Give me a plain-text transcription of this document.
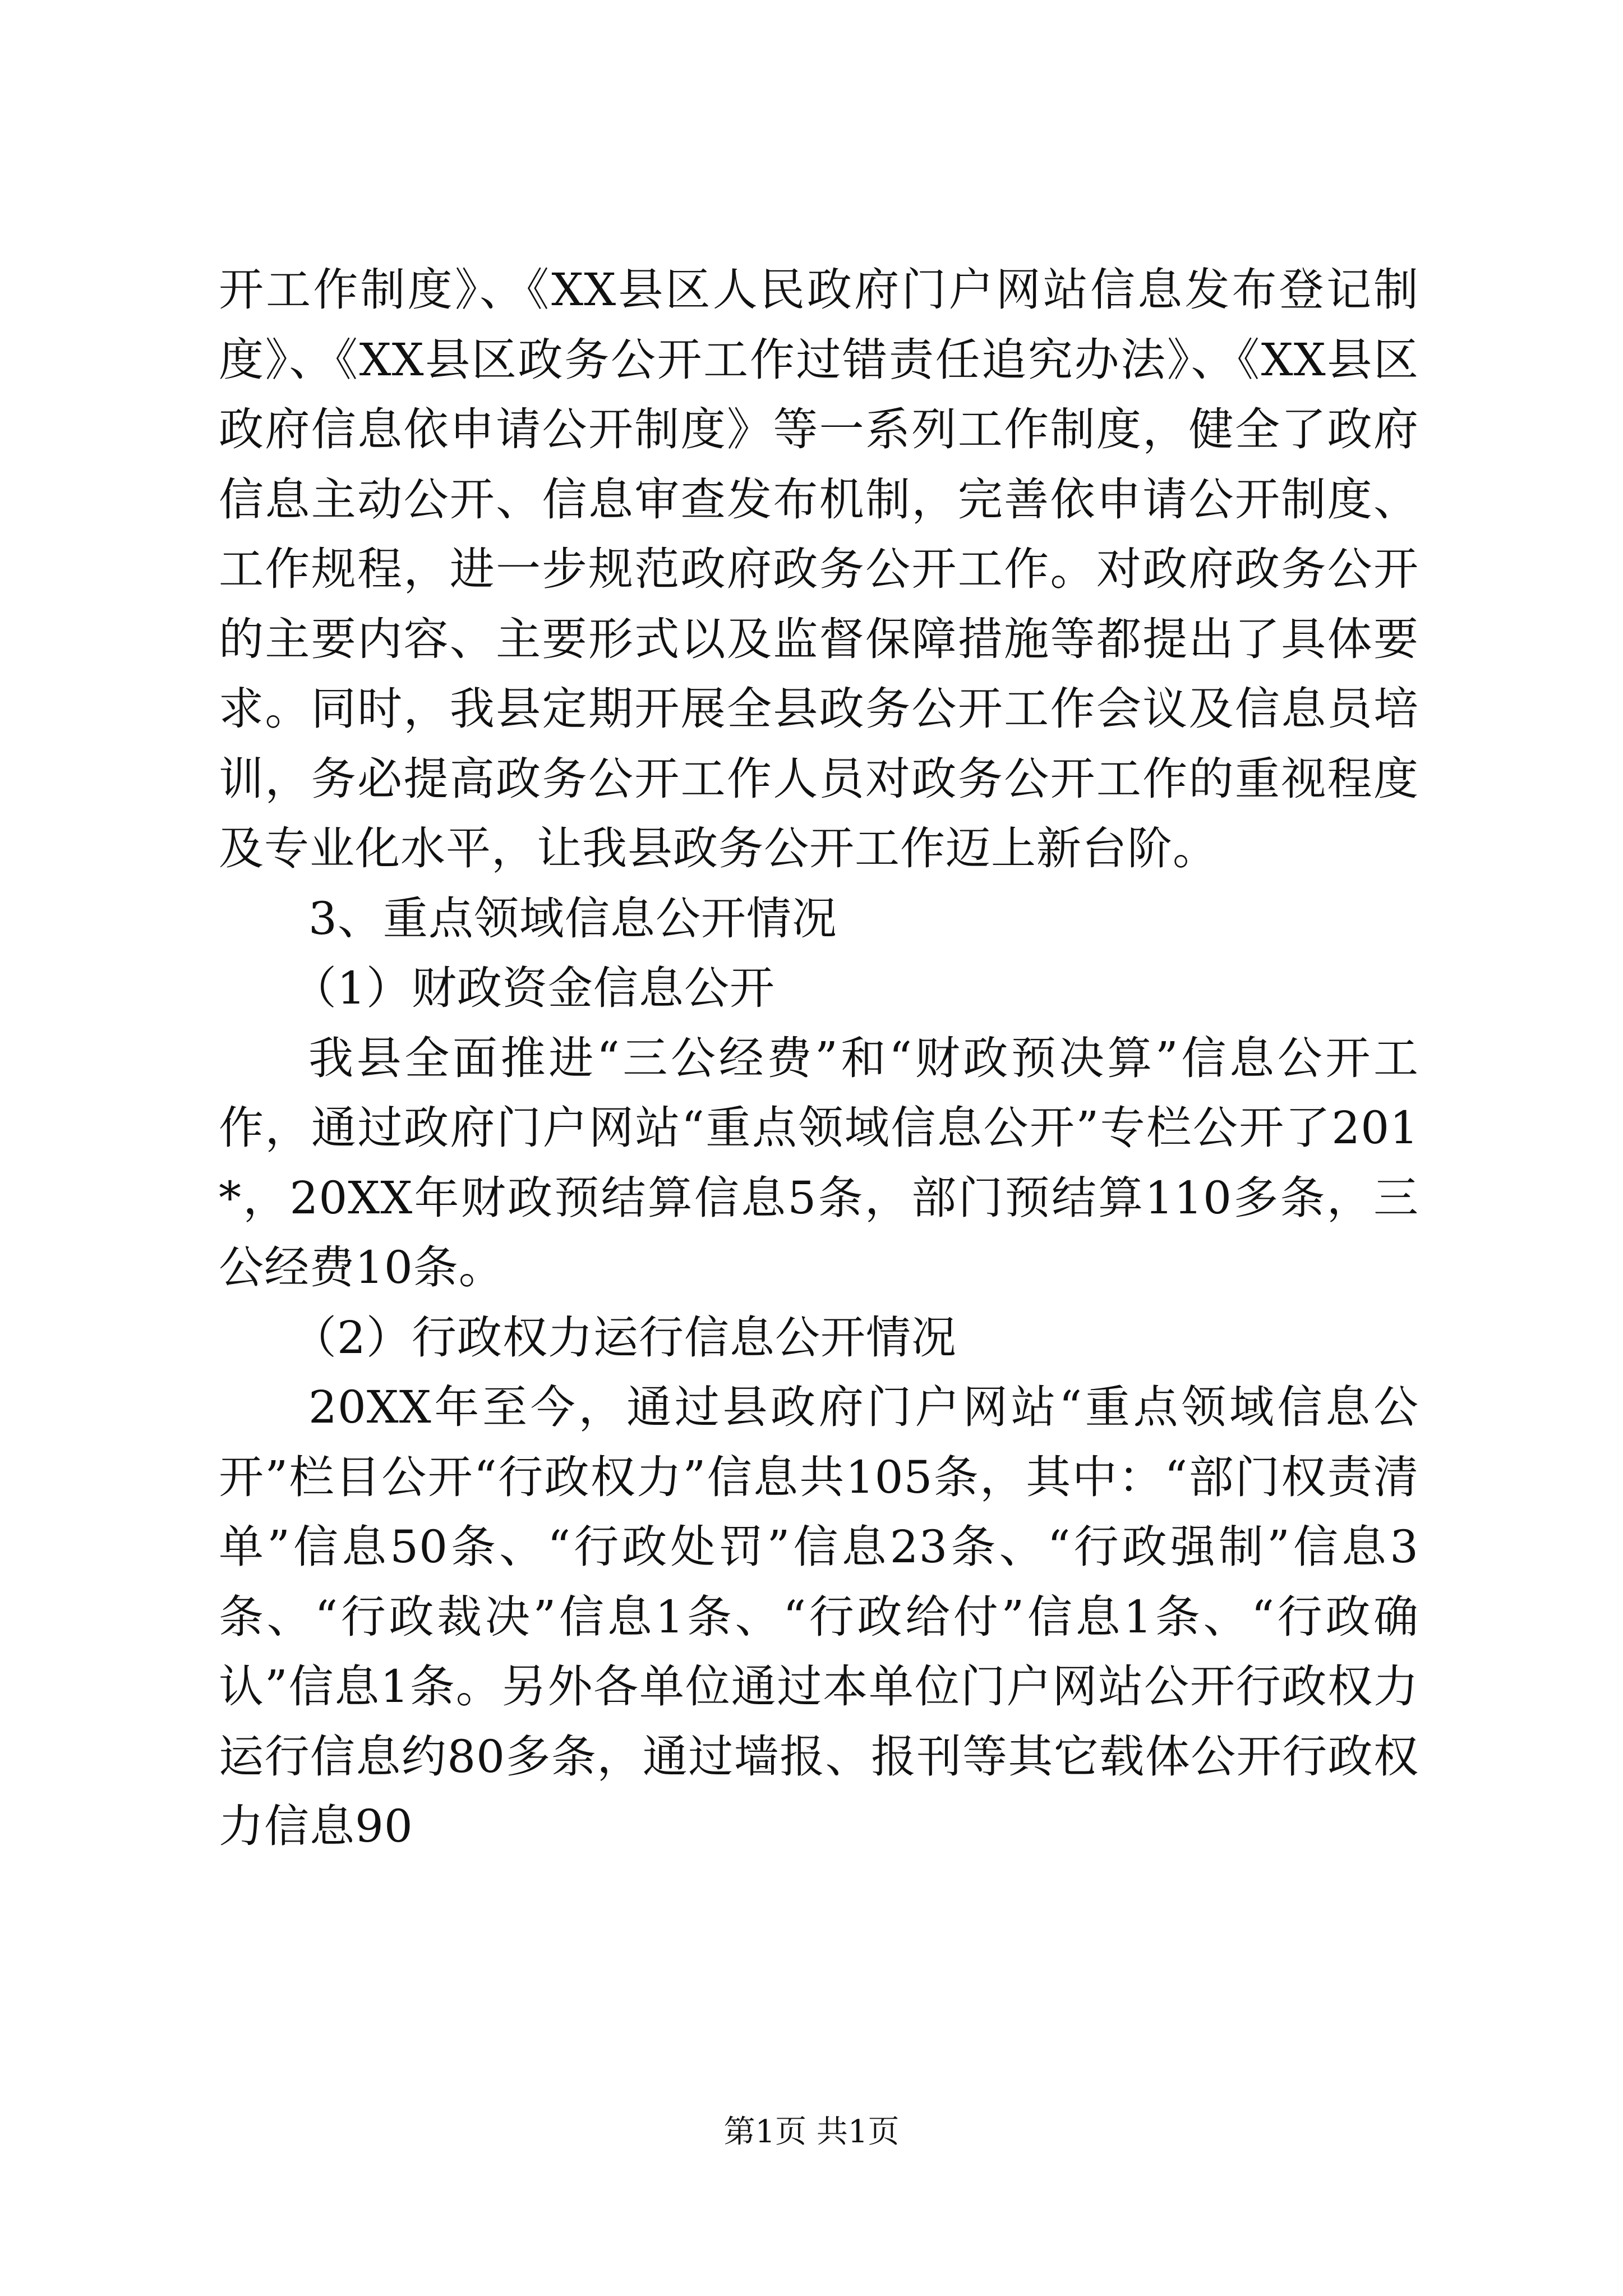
开工作制度》、《XX县区人民政府门户网站信息发布登记制度》、《XX县区政务公开工作过错责任追究办法》、《XX县区政府信息依申请公开制度》等一系列工作制度，健全了政府信息主动公开、信息审查发布机制，完善依申请公开制度、工作规程，进一步规范政府政务公开工作。对政府政务公开的主要内容、主要形式以及监督保障措施等都提出了具体要求。同时，我县定期开展全县政务公开工作会议及信息员培训，务必提高政务公开工作人员对政务公开工作的重视程度及专业化水平，让我县政务公开工作迈上新台阶。

3、重点领域信息公开情况

（1）财政资金信息公开

我县全面推进“三公经费”和“财政预决算”信息公开工作，通过政府门户网站“重点领域信息公开”专栏公开了201*，20XX年财政预结算信息5条，部门预结算110多条，三公经费10条。

（2）行政权力运行信息公开情况

20XX年至今，通过县政府门户网站“重点领域信息公开”栏目公开“行政权力”信息共105条，其中：“部门权责清单”信息50条、“行政处罚”信息23条、“行政强制”信息3条、“行政裁决”信息1条、“行政给付”信息1条、“行政确认”信息1条。另外各单位通过本单位门户网站公开行政权力运行信息约80多条，通过墙报、报刊等其它载体公开行政权力信息90

第1页 共1页
